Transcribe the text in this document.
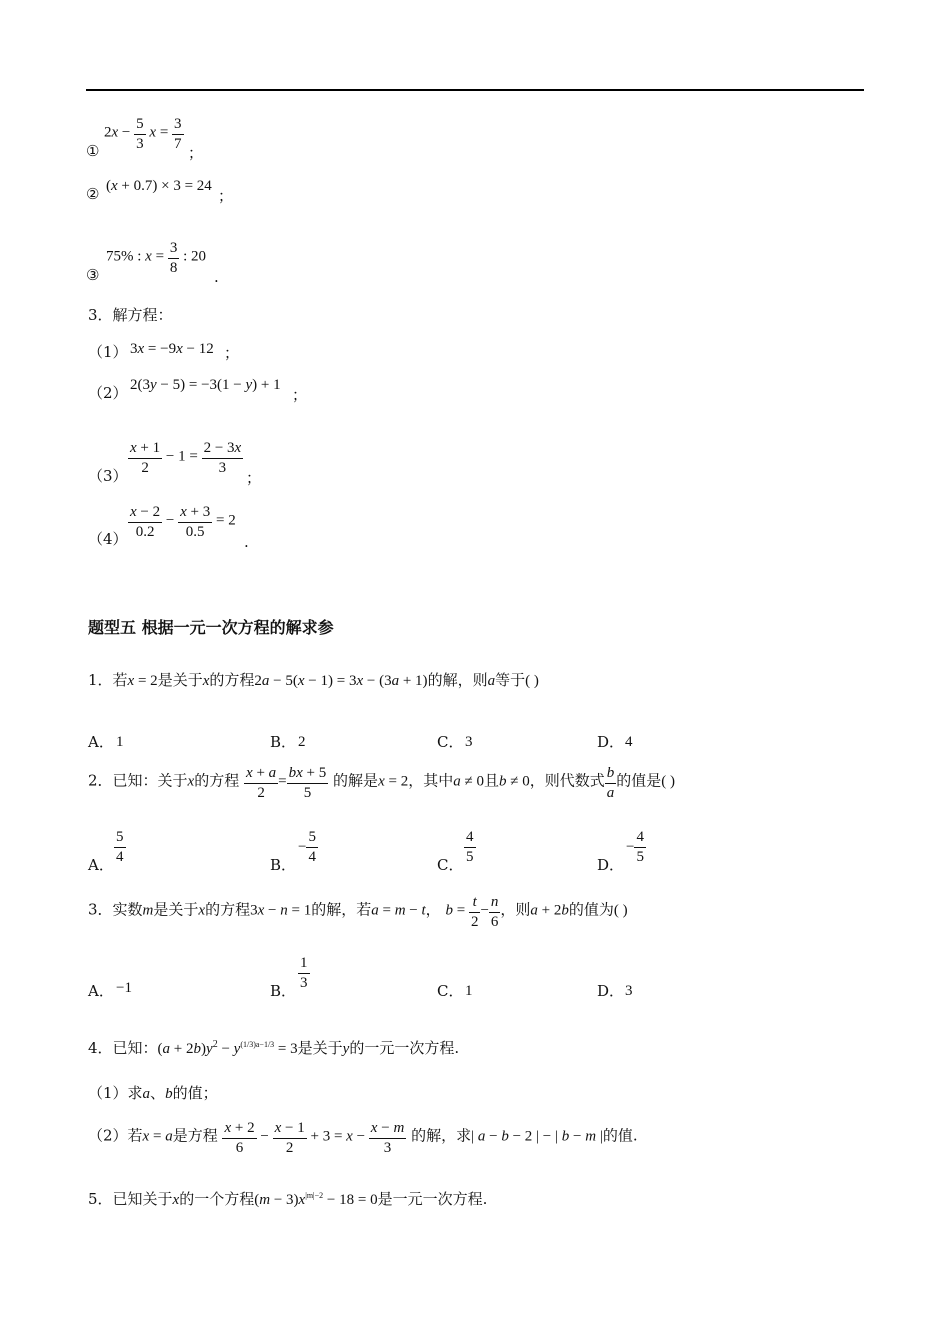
①
$2x - \frac{5}{3}$ $x = \frac{3}{7}$ ；
② (x + 0.7) × 3 = 24
；
③
75% : $x = \frac{3}{8}$ : 20
.
3．解方程：
（1） 3x = −9x − 12 ；
（2） 2(3y − 5) = −3(1 − y) + 1
；
$(3) \frac{x + 1}{2} - 1 = \frac{2 - 3x}{3}$
；
$(4) \frac{x - 2}{0.2} - \frac{x + 3}{0.5} = 2$
.
题型五 根据一元一次方程的解求参
1．若x = 2是关于x的方程2a − 5(x − 1) = 3x − (3a + 1)的解，则a等于( )
A． 1	B． 2	C． 3	D． 4
2．已知：关于x的方程 $\frac{x + a}{2} = \frac{bx + 5}{5}$ 的解是x = 2，其中a ≠ 0且b ≠ 0，则代数式 $\frac{b}{a}$ 的值是( )
A． $\frac{5}{4}$	B．
− $\frac{5}{4}$	C． $\frac{4}{5}$	D．
− $\frac{4}{5}$
3．实数m是关于x的方程3x − n = 1的解，若a = m − t， $b = \frac{t}{2} - \frac{n}{6}$ ，则a + 2b的值为( )
A． −1	B． $\frac{1}{3}$	C． 1	D． 3
4．已知：$(a + 2b)y^2 - y^{(1/3)a-1/3} = 3$是关于y的一元一次方程.
（1）求a、b的值；
（2）若x = a是方程 $\frac{x + 2}{6} - \frac{x - 1}{2} + 3 = x - \frac{x - m}{3}$ 的解，求| a − b − 2 | − | b − m |的值.
5．已知关于x的一个方程$(m - 3)x^{|m|-2} - 18 = 0$是一元一次方程.
